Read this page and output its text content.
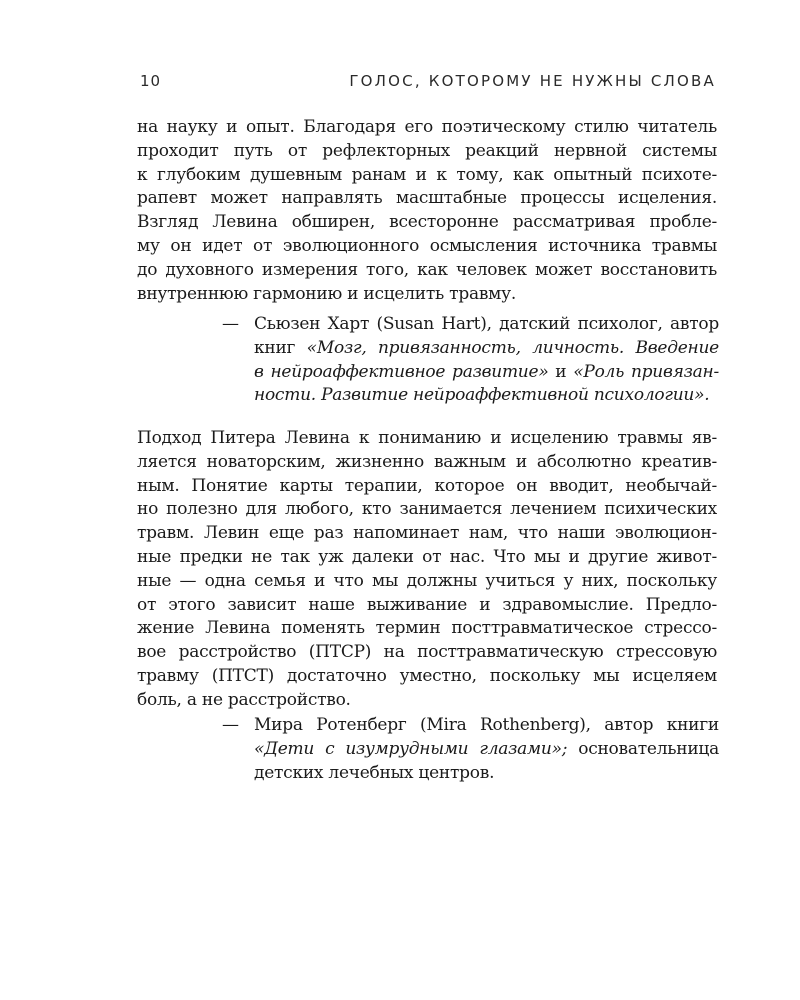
10	ГОЛОС, КОТОРОМУ НЕ НУЖНЫ СЛОВА
на науку и опыт. Благодаря его поэтическому стилю читатель
проходит путь от рефлекторных реакций нервной системы
к глубоким душевным ранам и к тому, как опытный психоте-
рапевт может направлять масштабные процессы исцеления.
Взгляд Левина обширен, всесторонне рассматривая пробле-
му он идет от эволюционного осмысления источника травмы
до духовного измерения того, как человек может восстановить
внутреннюю гармонию и исцелить травму.
— Сьюзен Харт (Susan Hart), датский психолог, автор
книг «Мозг, привязанность, личность. Введение
в нейроаффективное развитие» и «Роль привязан-
ности. Развитие нейроаффективной психологии».
Подход Питера Левина к пониманию и исцелению травмы яв-
ляется новаторским, жизненно важным и абсолютно креатив-
ным. Понятие карты терапии, которое он вводит, необычай-
но полезно для любого, кто занимается лечением психических
травм. Левин еще раз напоминает нам, что наши эволюцион-
ные предки не так уж далеки от нас. Что мы и другие живот-
ные — одна семья и что мы должны учиться у них, поскольку
от этого зависит наше выживание и здравомыслие. Предло-
жение Левина поменять термин посттравматическое стрессо-
вое расстройство (ПТСР) на посттравматическую стрессовую
травму (ПТСТ) достаточно уместно, поскольку мы исцеляем
боль, а не расстройство.
— Мира Ротенберг (Mira Rothenberg), автор книги
«Дети с изумрудными глазами»; основательница
детских лечебных центров.
